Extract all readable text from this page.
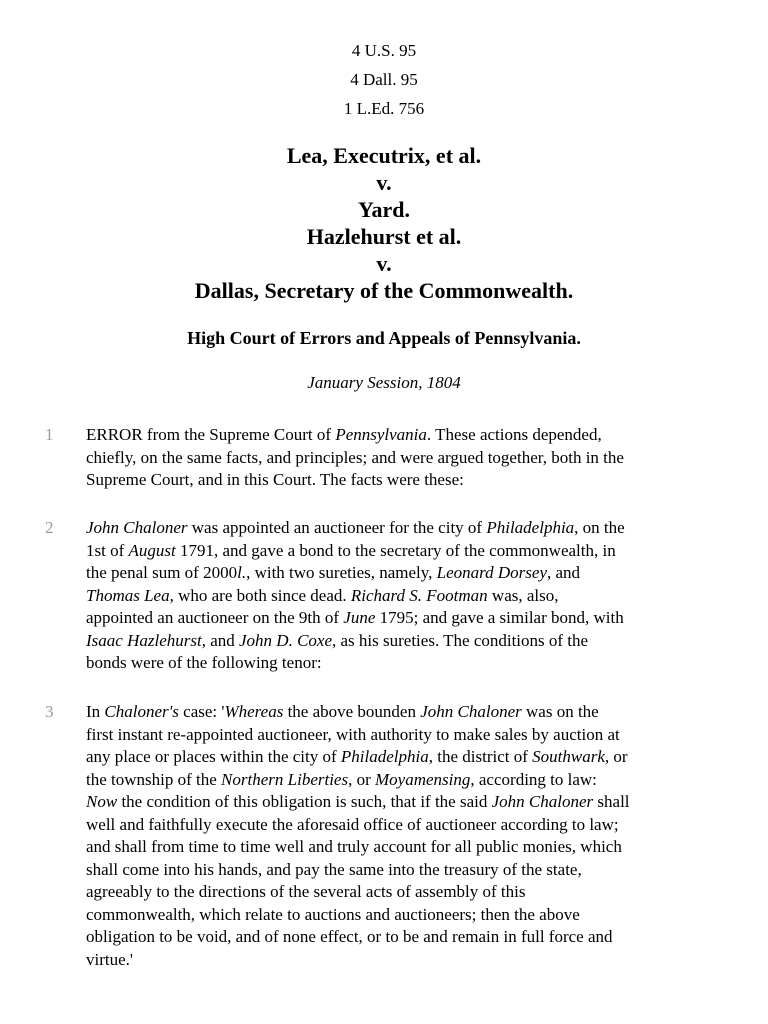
4 U.S. 95
4 Dall. 95
1 L.Ed. 756
Lea, Executrix, et al.
v.
Yard.
Hazlehurst et al.
v.
Dallas, Secretary of the Commonwealth.
High Court of Errors and Appeals of Pennsylvania.
January Session, 1804
1 ERROR from the Supreme Court of Pennsylvania. These actions depended,
chiefly, on the same facts, and principles; and were argued together, both in the
Supreme Court, and in this Court. The facts were these:
2 John Chaloner was appointed an auctioneer for the city of Philadelphia, on the
1st of August 1791, and gave a bond to the secretary of the commonwealth, in
the penal sum of 2000l., with two sureties, namely, Leonard Dorsey, and
Thomas Lea, who are both since dead. Richard S. Footman was, also,
appointed an auctioneer on the 9th of June 1795; and gave a similar bond, with
Isaac Hazlehurst, and John D. Coxe, as his sureties. The conditions of the
bonds were of the following tenor:
3 In Chaloner's case: 'Whereas the above bounden John Chaloner was on the
first instant re-appointed auctioneer, with authority to make sales by auction at
any place or places within the city of Philadelphia, the district of Southwark, or
the township of the Northern Liberties, or Moyamensing, according to law:
Now the condition of this obligation is such, that if the said John Chaloner shall
well and faithfully execute the aforesaid office of auctioneer according to law;
and shall from time to time well and truly account for all public monies, which
shall come into his hands, and pay the same into the treasury of the state,
agreeably to the directions of the several acts of assembly of this
commonwealth, which relate to auctions and auctioneers; then the above
obligation to be void, and of none effect, or to be and remain in full force and
virtue.'
